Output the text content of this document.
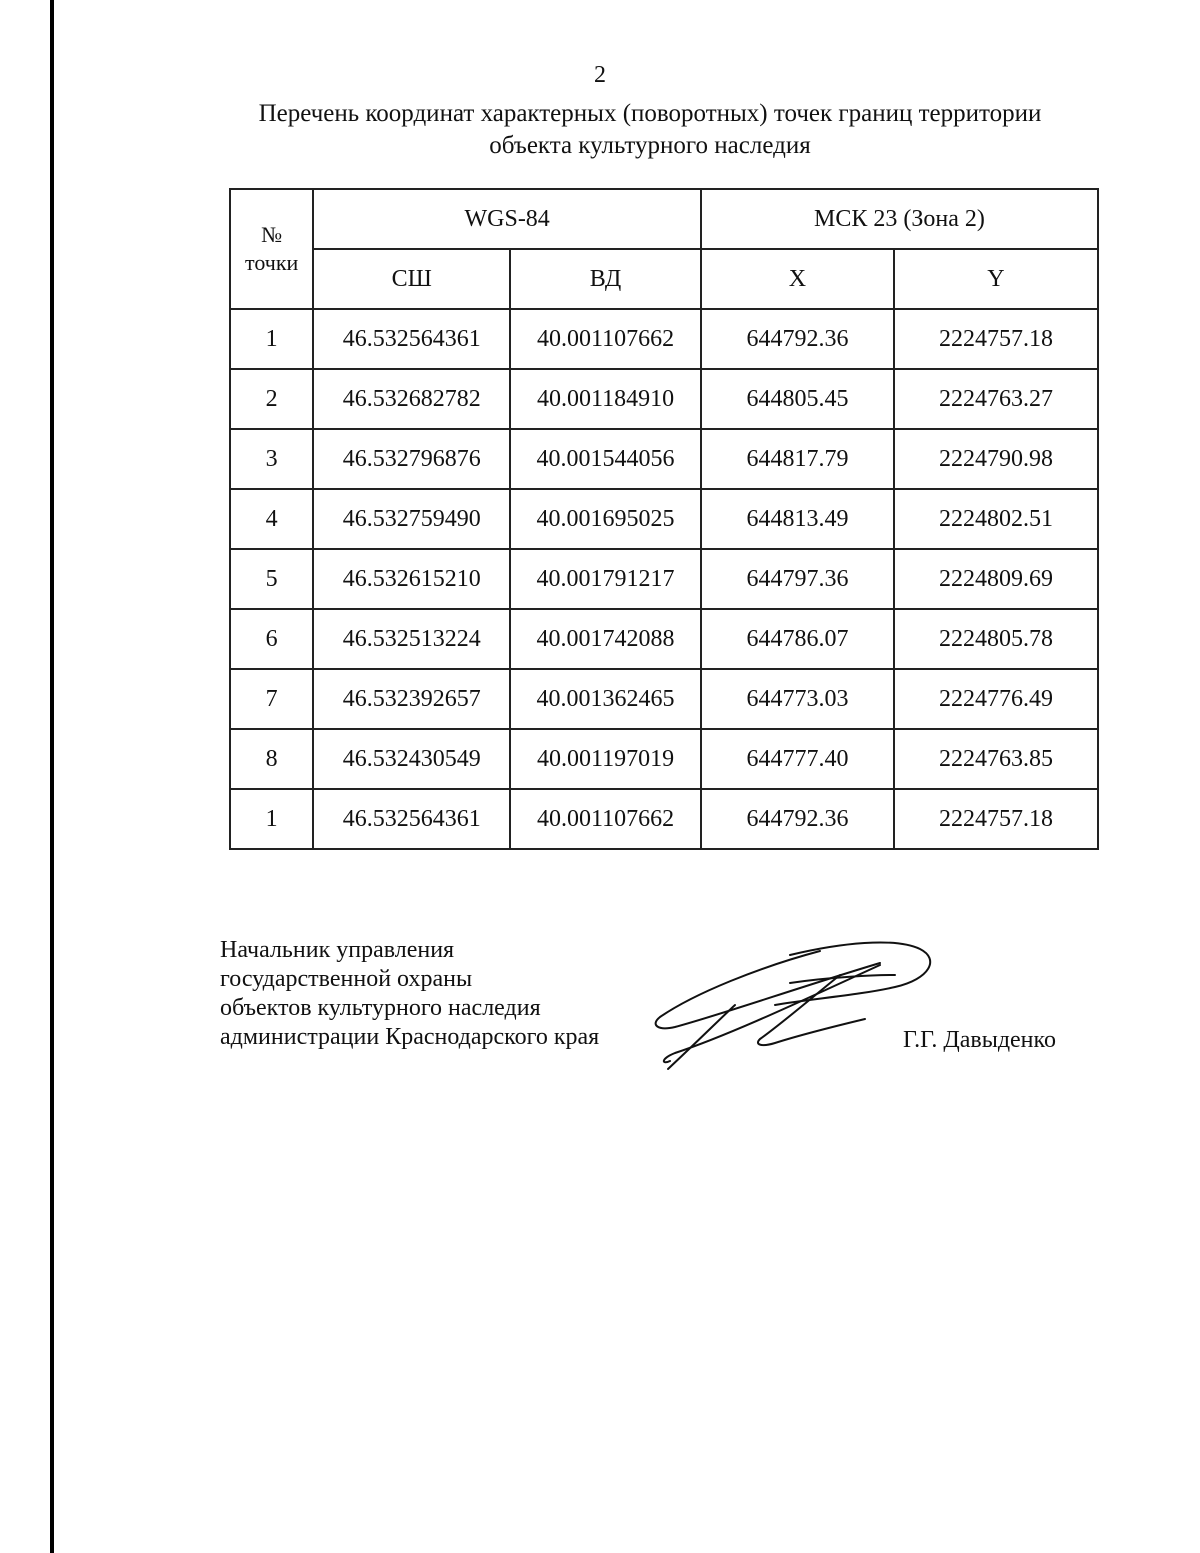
2
Перечень координат характерных (поворотных) точек границ территории
объекта культурного наследия
№
точки	WGS-84		МСК 23 (Зона 2)	
	СШ	ВД	X	Y
1	46.532564361	40.001107662	644792.36	2224757.18
2	46.532682782	40.001184910	644805.45	2224763.27
3	46.532796876	40.001544056	644817.79	2224790.98
4	46.532759490	40.001695025	644813.49	2224802.51
5	46.532615210	40.001791217	644797.36	2224809.69
6	46.532513224	40.001742088	644786.07	2224805.78
7	46.532392657	40.001362465	644773.03	2224776.49
8	46.532430549	40.001197019	644777.40	2224763.85
1	46.532564361	40.001107662	644792.36	2224757.18
Начальник управления
государственной охраны
объектов культурного наследия
администрации Краснодарского края	Г.Г. Давыденко
